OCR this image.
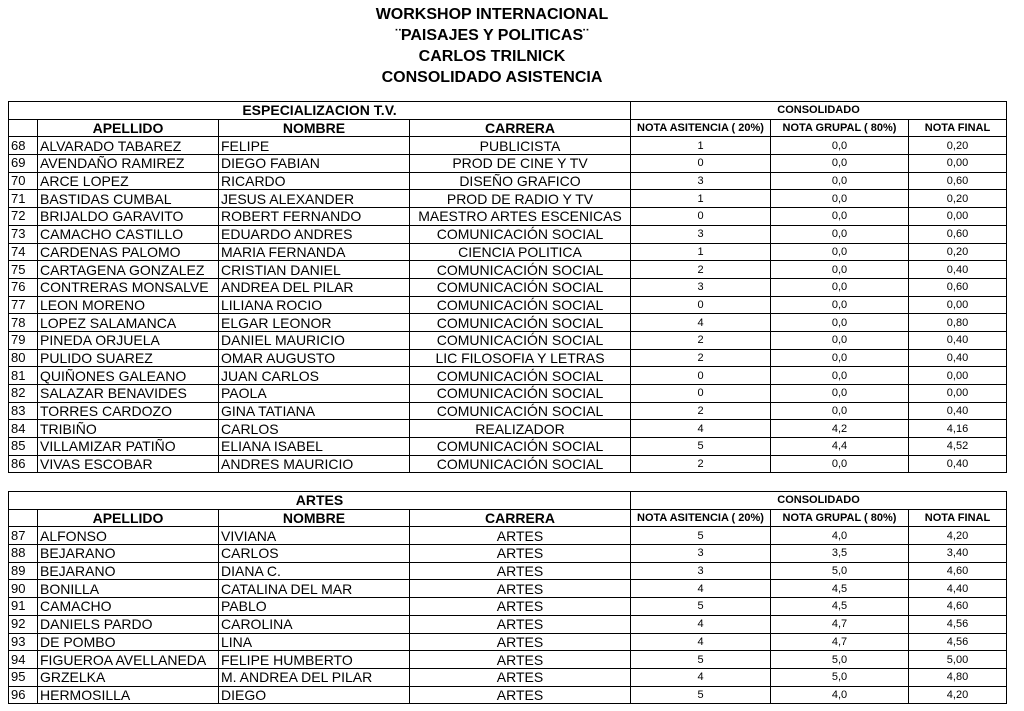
WORKSHOP INTERNACIONAL
¨PAISAJES Y POLITICAS¨
CARLOS TRILNICK
CONSOLIDADO ASISTENCIA
ESPECIALIZACION T.V.				CONSOLIDADO		
	APELLIDO	NOMBRE	CARRERA	NOTA ASITENCIA ( 20%)	NOTA GRUPAL ( 80%)	NOTA FINAL
68	ALVARADO TABAREZ	FELIPE	PUBLICISTA	1	0,0	0,20
69	AVENDAÑO RAMIREZ	DIEGO FABIAN	PROD DE CINE Y TV	0	0,0	0,00
70	ARCE LOPEZ	RICARDO	DISEÑO GRAFICO	3	0,0	0,60
71	BASTIDAS CUMBAL	JESUS ALEXANDER	PROD DE RADIO Y TV	1	0,0	0,20
72	BRIJALDO GARAVITO	ROBERT FERNANDO	MAESTRO ARTES ESCENICAS	0	0,0	0,00
73	CAMACHO CASTILLO	EDUARDO ANDRES	COMUNICACIÓN SOCIAL	3	0,0	0,60
74	CARDENAS PALOMO	MARIA FERNANDA	CIENCIA POLITICA	1	0,0	0,20
75	CARTAGENA GONZALEZ	CRISTIAN DANIEL	COMUNICACIÓN SOCIAL	2	0,0	0,40
76	CONTRERAS MONSALVE	ANDREA DEL PILAR	COMUNICACIÓN SOCIAL	3	0,0	0,60
77	LEON MORENO	LILIANA ROCIO	COMUNICACIÓN SOCIAL	0	0,0	0,00
78	LOPEZ SALAMANCA	ELGAR LEONOR	COMUNICACIÓN SOCIAL	4	0,0	0,80
79	PINEDA ORJUELA	DANIEL MAURICIO	COMUNICACIÓN SOCIAL	2	0,0	0,40
80	PULIDO SUAREZ	OMAR AUGUSTO	LIC FILOSOFIA Y LETRAS	2	0,0	0,40
81	QUIÑONES GALEANO	JUAN CARLOS	COMUNICACIÓN SOCIAL	0	0,0	0,00
82	SALAZAR BENAVIDES	PAOLA	COMUNICACIÓN SOCIAL	0	0,0	0,00
83	TORRES CARDOZO	GINA TATIANA	COMUNICACIÓN SOCIAL	2	0,0	0,40
84	TRIBIÑO	CARLOS	REALIZADOR	4	4,2	4,16
85	VILLAMIZAR PATIÑO	ELIANA ISABEL	COMUNICACIÓN SOCIAL	5	4,4	4,52
86	VIVAS ESCOBAR	ANDRES MAURICIO	COMUNICACIÓN SOCIAL	2	0,0	0,40
ARTES				CONSOLIDADO		
	APELLIDO	NOMBRE	CARRERA	NOTA ASITENCIA ( 20%)	NOTA GRUPAL ( 80%)	NOTA FINAL
87	ALFONSO	VIVIANA	ARTES	5	4,0	4,20
88	BEJARANO	CARLOS	ARTES	3	3,5	3,40
89	BEJARANO	DIANA C.	ARTES	3	5,0	4,60
90	BONILLA	CATALINA DEL MAR	ARTES	4	4,5	4,40
91	CAMACHO	PABLO	ARTES	5	4,5	4,60
92	DANIELS PARDO	CAROLINA	ARTES	4	4,7	4,56
93	DE POMBO	LINA	ARTES	4	4,7	4,56
94	FIGUEROA AVELLANEDA	FELIPE HUMBERTO	ARTES	5	5,0	5,00
95	GRZELKA	M. ANDREA DEL PILAR	ARTES	4	5,0	4,80
96	HERMOSILLA	DIEGO	ARTES	5	4,0	4,20
